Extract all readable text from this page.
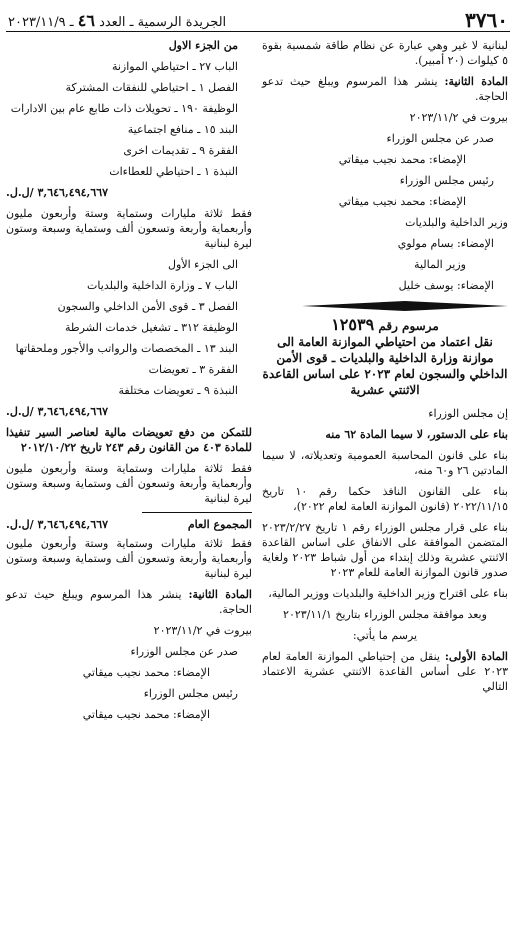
٣٧٦٠
الجريدة الرسمية ـ العدد ٤٦ ـ ٢٠٢٣/١١/٩

لبنانية لا غير وهي عبارة عن نظام طاقة شمسية بقوة ٥ كيلوات (٢٠ أمبير).

المادة الثانية: ينشر هذا المرسوم ويبلغ حيث تدعو الحاجة.

بيروت في ٢٠٢٣/١١/٢

صدر عن مجلس الوزراء

الإمضاء: محمد نجيب ميقاتي

رئيس مجلس الوزراء

الإمضاء: محمد نجيب ميقاتي

وزير الداخلية والبلديات

الإمضاء: بسام مولوي

وزير المالية

الإمضاء: يوسف خليل

مرسوم رقم ١٢٥٣٩
نقل اعتماد من احتياطي الموازنة العامة الى موازنة وزارة الداخلية والبلديات ـ قوى الأمن الداخلي والسجون لعام ٢٠٢٣ على اساس القاعدة الاثنتي عشرية

إن مجلس الوزراء

بناء على الدستور، لا سيما المادة ٦٢ منه

بناء على قانون المحاسبة العمومية وتعديلاته، لا سيما المادتين ٢٦ و٦٠ منه،

بناء على القانون النافذ حكما رقم ١٠ تاريخ ٢٠٢٢/١١/١٥ (قانون الموازنة العامة لعام ٢٠٢٢)،

بناء على قرار مجلس الوزراء رقم ١ تاريخ ٢٠٢٣/٢/٢٧ المتضمن الموافقة على الانفاق على اساس القاعدة الاثنتي عشرية وذلك إبتداء من أول شباط ٢٠٢٣ ولغاية صدور قانون الموازنة العامة للعام ٢٠٢٣

بناء على اقتراح وزير الداخلية والبلديات ووزير المالية،

وبعد موافقة مجلس الوزراء بتاريخ ٢٠٢٣/١١/١

يرسم ما يأتي:

المادة الأولى: ينقل من إحتياطي الموازنة العامة لعام ٢٠٢٣ على أساس القاعدة الاثنتي عشرية الاعتماد التالي

من الجزء الاول

الباب ٢٧ ـ احتياطي الموازنة

الفصل ١ ـ احتياطي للنفقات المشتركة

الوظيفة ١٩٠ ـ تحويلات ذات طابع عام بين الادارات

البند ١٥ ـ منافع اجتماعية

الفقرة ٩ ـ تقديمات اخرى

النبذة ١ ـ احتياطي للعطاءات

٣,٦٤٦,٤٩٤,٦٦٧ /ل.ل.

فقط ثلاثة مليارات وستماية وستة وأربعون مليون وأربعماية وأربعة وتسعون ألف وستماية وسبعة وستون ليرة لبنانية

الى الجزء الأول

الباب ٧ ـ وزارة الداخلية والبلديات

الفصل ٣ ـ قوى الأمن الداخلي والسجون

الوظيفة ٣١٢ ـ تشغيل خدمات الشرطة

البند ١٣ ـ المخصصات والرواتب والأجور وملحقاتها

الفقرة ٣ ـ تعويضات

النبذة ٩ ـ تعويضات مختلفة

٣,٦٤٦,٤٩٤,٦٦٧ /ل.ل.

للتمكن من دفع تعويضات مالية لعناصر السير تنفيذا للمادة ٤٠٣ من القانون رقم ٢٤٣ تاريخ ٢٠١٢/١٠/٢٢

فقط ثلاثة مليارات وستماية وستة وأربعون مليون وأربعماية وأربعة وتسعون ألف وستماية وسبعة وستون ليرة لبنانية

المجموع العام
٣,٦٤٦,٤٩٤,٦٦٧ /ل.ل.

فقط ثلاثة مليارات وستماية وستة وأربعون مليون وأربعماية وأربعة وتسعون ألف وستماية وسبعة وستون ليرة لبنانية

المادة الثانية: ينشر هذا المرسوم ويبلغ حيث تدعو الحاجة.

بيروت في ٢٠٢٣/١١/٢

صدر عن مجلس الوزراء

الإمضاء: محمد نجيب ميقاتي

رئيس مجلس الوزراء

الإمضاء: محمد نجيب ميقاتي
